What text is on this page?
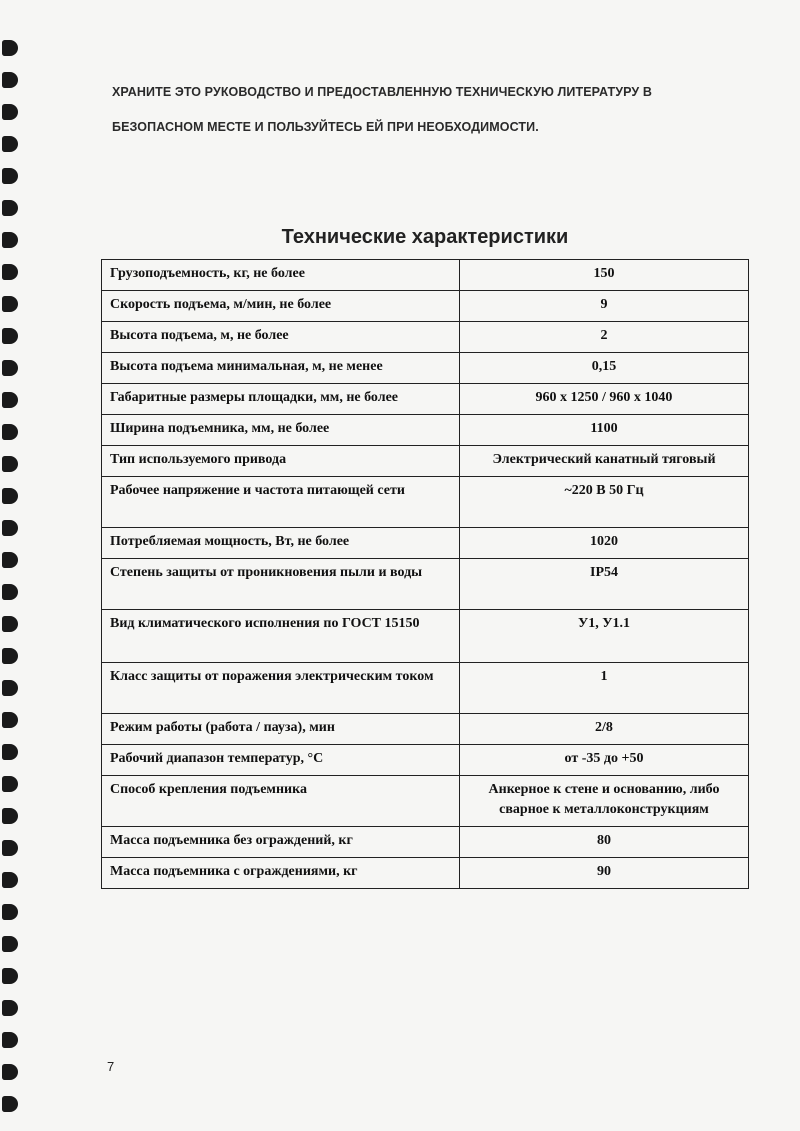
ХРАНИТЕ ЭТО РУКОВОДСТВО И ПРЕДОСТАВЛЕННУЮ ТЕХНИЧЕСКУЮ ЛИТЕРАТУРУ В
БЕЗОПАСНОМ МЕСТЕ И ПОЛЬЗУЙТЕСЬ ЕЙ ПРИ НЕОБХОДИМОСТИ.
Технические характеристики
Грузоподъемность, кг, не более	150
Скорость подъема, м/мин, не более	9
Высота подъема, м, не более	2
Высота подъема минимальная, м, не менее	0,15
Габаритные размеры площадки, мм, не более	960 х 1250 / 960 х 1040
Ширина подъемника, мм, не более	1100
Тип используемого привода	Электрический канатный тяговый
Рабочее напряжение и частота питающей сети	~220 В 50 Гц
Потребляемая мощность, Вт, не более	1020
Степень защиты от проникновения пыли и воды	IP54
Вид климатического исполнения по ГОСТ 15150	У1, У1.1
Класс защиты от поражения электрическим током	1
Режим работы (работа / пауза), мин	2/8
Рабочий диапазон температур, °С	от -35 до +50
Способ крепления подъемника	Анкерное к стене и основанию, либо сварное к металлоконструкциям
Масса подъемника без ограждений, кг	80
Масса подъемника с ограждениями, кг	90
7
